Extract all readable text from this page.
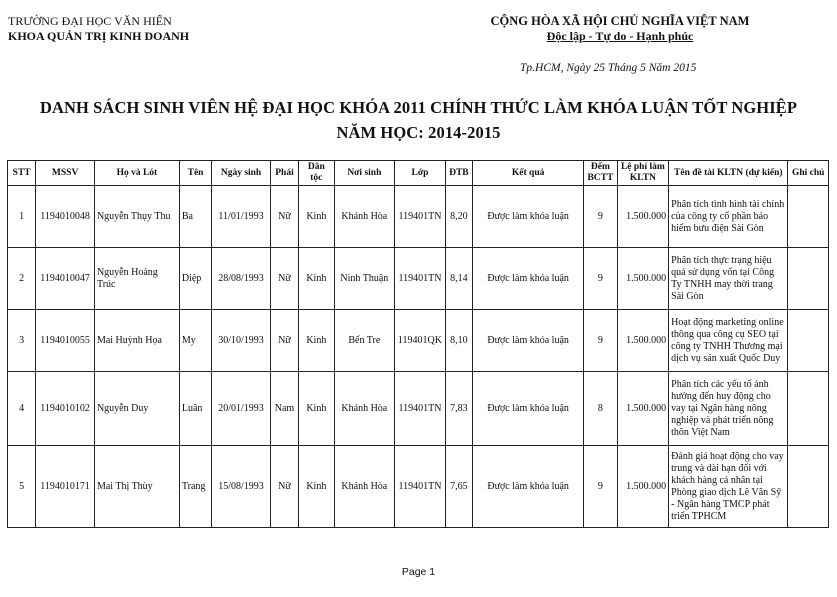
TRƯỜNG ĐẠI HỌC VĂN HIẾN
KHOA QUẢN TRỊ KINH DOANH
CỘNG HÒA XÃ HỘI CHỦ NGHĨA VIỆT NAM
Độc lập - Tự do - Hạnh phúc
Tp.HCM, Ngày 25 Tháng 5 Năm 2015
DANH SÁCH SINH VIÊN HỆ ĐẠI HỌC KHÓA 2011 CHÍNH THỨC LÀM KHÓA LUẬN TỐT NGHIỆP
NĂM HỌC: 2014-2015
STT	MSSV	Họ và Lót	Tên	Ngày sinh	Phái	Dân tộc	Nơi sinh	Lớp	ĐTB	Kết quả	Đếm BCTT	Lệ phí làm KLTN	Tên đề tài KLTN (dự kiến)	Ghi chú
1	1194010048	Nguyễn Thụy Thu	Ba	11/01/1993	Nữ	Kinh	Khánh Hòa	119401TN	8,20	Được làm khóa luận	9	1.500.000	Phân tích tình hình tài chính của công ty cổ phần bảo hiểm bưu điện Sài Gòn	
2	1194010047	Nguyễn Hoàng Trúc	Diệp	28/08/1993	Nữ	Kinh	Ninh Thuận	119401TN	8,14	Được làm khóa luận	9	1.500.000	Phân tích thực trạng hiệu quả sử dụng vốn tại Công Ty TNHH may thời trang Sài Gòn	
3	1194010055	Mai Huỳnh Họa	My	30/10/1993	Nữ	Kinh	Bến Tre	119401QK	8,10	Được làm khóa luận	9	1.500.000	Hoạt động marketing online thông qua công cụ SEO tại công ty TNHH Thương mại dịch vụ sản xuất Quốc Duy	
4	1194010102	Nguyễn Duy	Luân	20/01/1993	Nam	Kinh	Khánh Hòa	119401TN	7,83	Được làm khóa luận	8	1.500.000	Phân tích các yếu tố ảnh hưởng đến huy động cho vay tại Ngân hàng nông nghiệp và phát triển nông thôn Việt Nam	
5	1194010171	Mai Thị Thùy	Trang	15/08/1993	Nữ	Kinh	Khánh Hòa	119401TN	7,65	Được làm khóa luận	9	1.500.000	Đánh giá hoạt động cho vay trung và dài hạn đối với khách hàng cá nhân tại Phòng giao dịch Lê Văn Sỹ - Ngân hàng TMCP phát triển TPHCM	
Page 1
